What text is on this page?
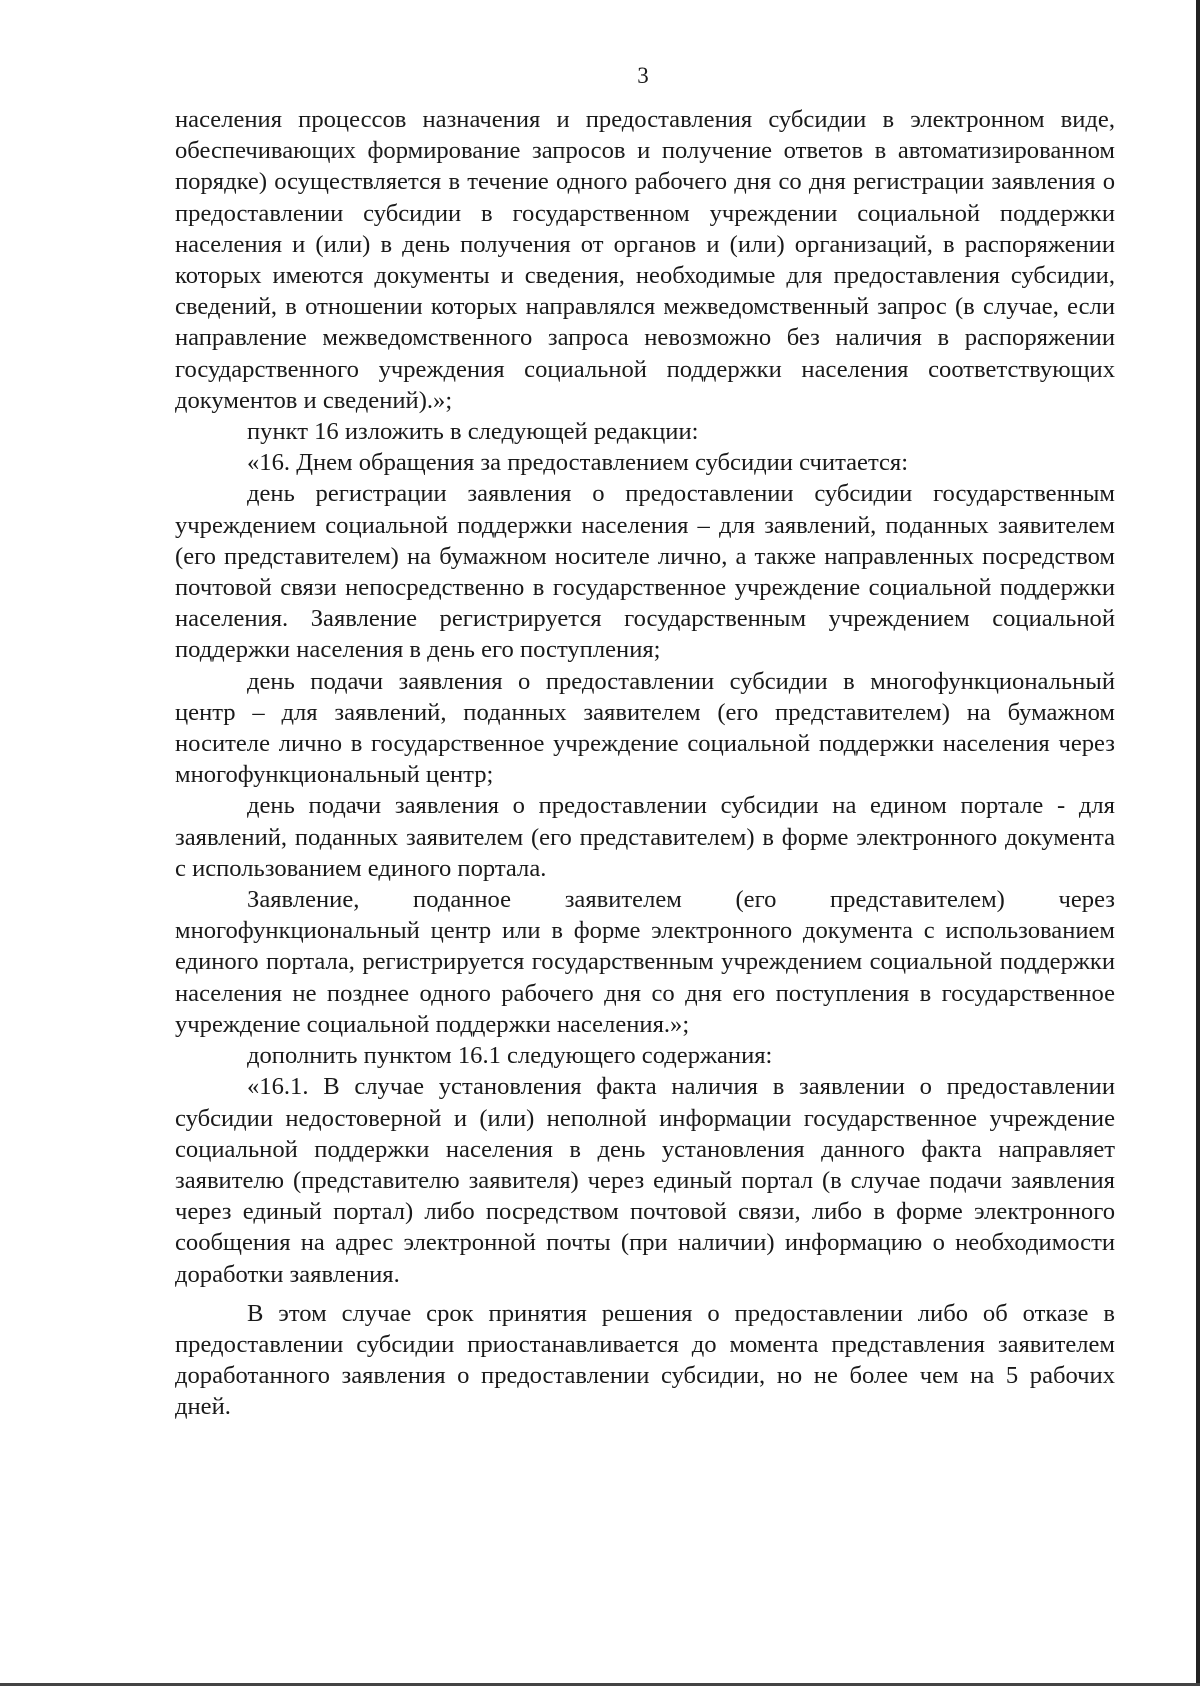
3

населения процессов назначения и предоставления субсидии в электронном виде, обеспечивающих формирование запросов и получение ответов в автоматизированном порядке) осуществляется в течение одного рабочего дня со дня регистрации заявления о предоставлении субсидии в государственном учреждении социальной поддержки населения и (или) в день получения от органов и (или) организаций, в распоряжении которых имеются документы и сведения, необходимые для предоставления субсидии, сведений, в отношении которых направлялся межведомственный запрос (в случае, если направление межведомственного запроса невозможно без наличия в распоряжении государственного учреждения социальной поддержки населения соответствующих документов и сведений).»;

пункт 16 изложить в следующей редакции:

«16. Днем обращения за предоставлением субсидии считается:

день регистрации заявления о предоставлении субсидии государственным учреждением социальной поддержки населения – для заявлений, поданных заявителем (его представителем) на бумажном носителе лично, а также направленных посредством почтовой связи непосредственно в государственное учреждение социальной поддержки населения. Заявление регистрируется государственным учреждением социальной поддержки населения в день его поступления;

день подачи заявления о предоставлении субсидии в многофункциональный центр – для заявлений, поданных заявителем (его представителем) на бумажном носителе лично в государственное учреждение социальной поддержки населения через многофункциональный центр;

день подачи заявления о предоставлении субсидии на едином портале - для заявлений, поданных заявителем (его представителем) в форме электронного документа с использованием единого портала.

Заявление, поданное заявителем (его представителем) через многофункциональный центр или в форме электронного документа с использованием единого портала, регистрируется государственным учреждением социальной поддержки населения не позднее одного рабочего дня со дня его поступления в государственное учреждение социальной поддержки населения.»;

дополнить пунктом 16.1 следующего содержания:

«16.1. В случае установления факта наличия в заявлении о предоставлении субсидии недостоверной и (или) неполной информации государственное учреждение социальной поддержки населения в день установления данного факта направляет заявителю (представителю заявителя) через единый портал (в случае подачи заявления через единый портал) либо посредством почтовой связи, либо в форме электронного сообщения на адрес электронной почты (при наличии) информацию о необходимости доработки заявления.

В этом случае срок принятия решения о предоставлении либо об отказе в предоставлении субсидии приостанавливается до момента представления заявителем доработанного заявления о предоставлении субсидии, но не более чем на 5 рабочих дней.
